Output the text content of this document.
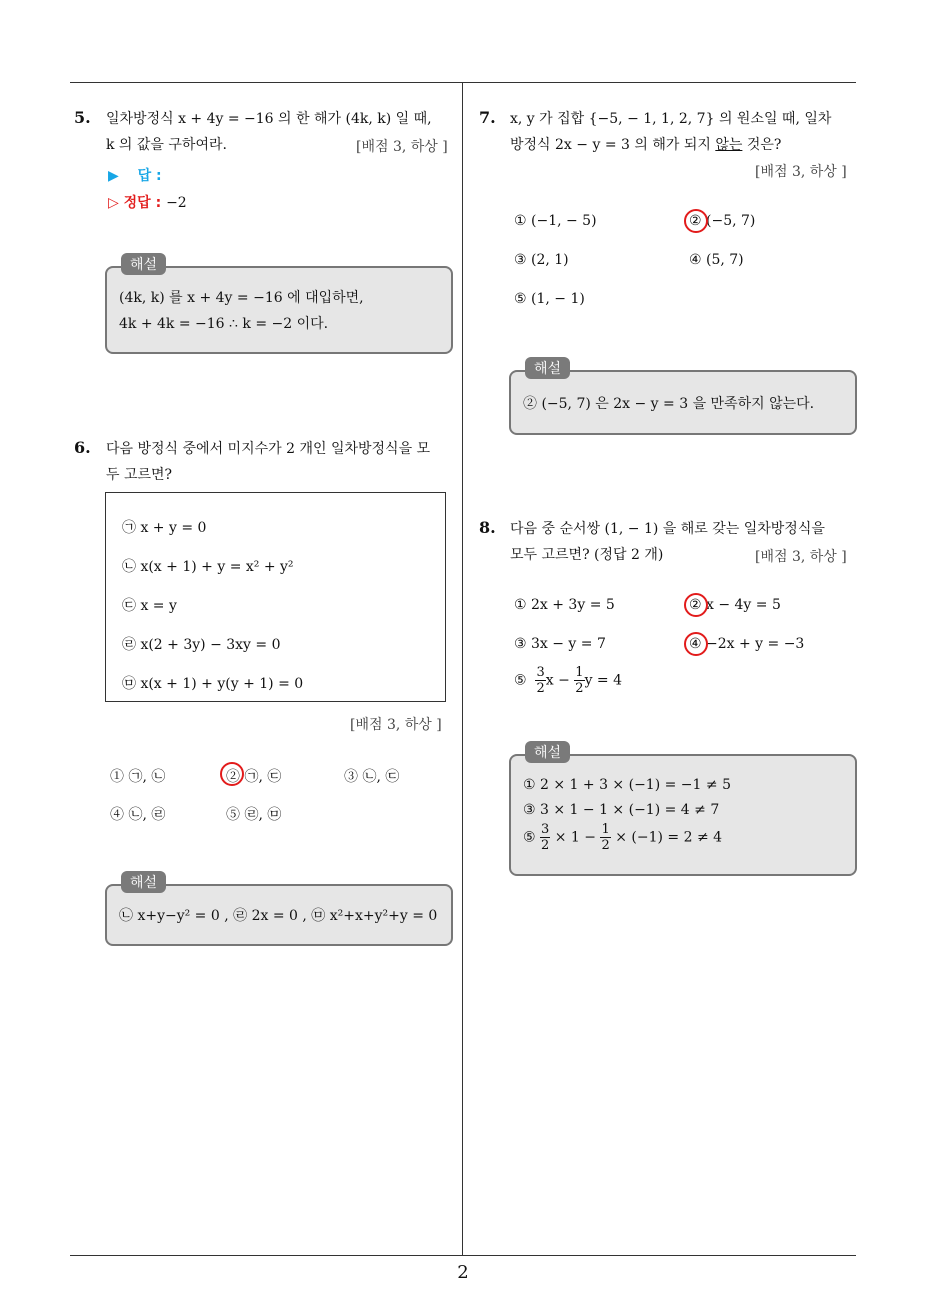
5. 일차방정식 x + 4y = −16 의 한 해가 (4k, k) 일 때,
k 의 값을 구하여라.	[배점 3, 하상 ]
▶ 답 :
▷ 정답 : −2
해설
(4k, k) 를 x + 4y = −16 에 대입하면,
4k + 4k = −16 ∴ k = −2 이다.
6. 다음 방정식 중에서 미지수가 2 개인 일차방정식을 모
두 고르면?
㉠ x + y = 0
㉡ x(x + 1) + y = x² + y²
㉢ x = y
㉣ x(2 + 3y) − 3xy = 0
㉤ x(x + 1) + y(y + 1) = 0
[배점 3, 하상 ]
① ㉠, ㉡	② ㉠, ㉢	③ ㉡, ㉢
④ ㉡, ㉣	⑤ ㉣, ㉤
해설
㉡ x+y−y² = 0 , ㉣ 2x = 0 , ㉤ x²+x+y²+y = 0
7. x, y 가 집합 {−5, − 1, 1, 2, 7} 의 원소일 때, 일차
방정식 2x − y = 3 의 해가 되지 않는 것은?
[배점 3, 하상 ]
① (−1, − 5)	② (−5, 7)
③ (2, 1)	④ (5, 7)
⑤ (1, − 1)
해설
② (−5, 7) 은 2x − y = 3 을 만족하지 않는다.
8. 다음 중 순서쌍 (1, − 1) 을 해로 갖는 일차방정식을
모두 고르면? (정답 2 개)	[배점 3, 하상 ]
① 2x + 3y = 5	② x − 4y = 5
③ 3x − y = 7	④ −2x + y = −3
⑤ $\frac{3}{2}$ $x - \frac{1}{2}$ y = 4
해설
① 2 × 1 + 3 × (−1) = −1 ≠ 5
③ 3 × 1 − 1 × (−1) = 4 ≠ 7
⑤ $\frac{3}{2} \times 1 - \frac{1}{2} \times (-1) = 2 \ne 4$
2
